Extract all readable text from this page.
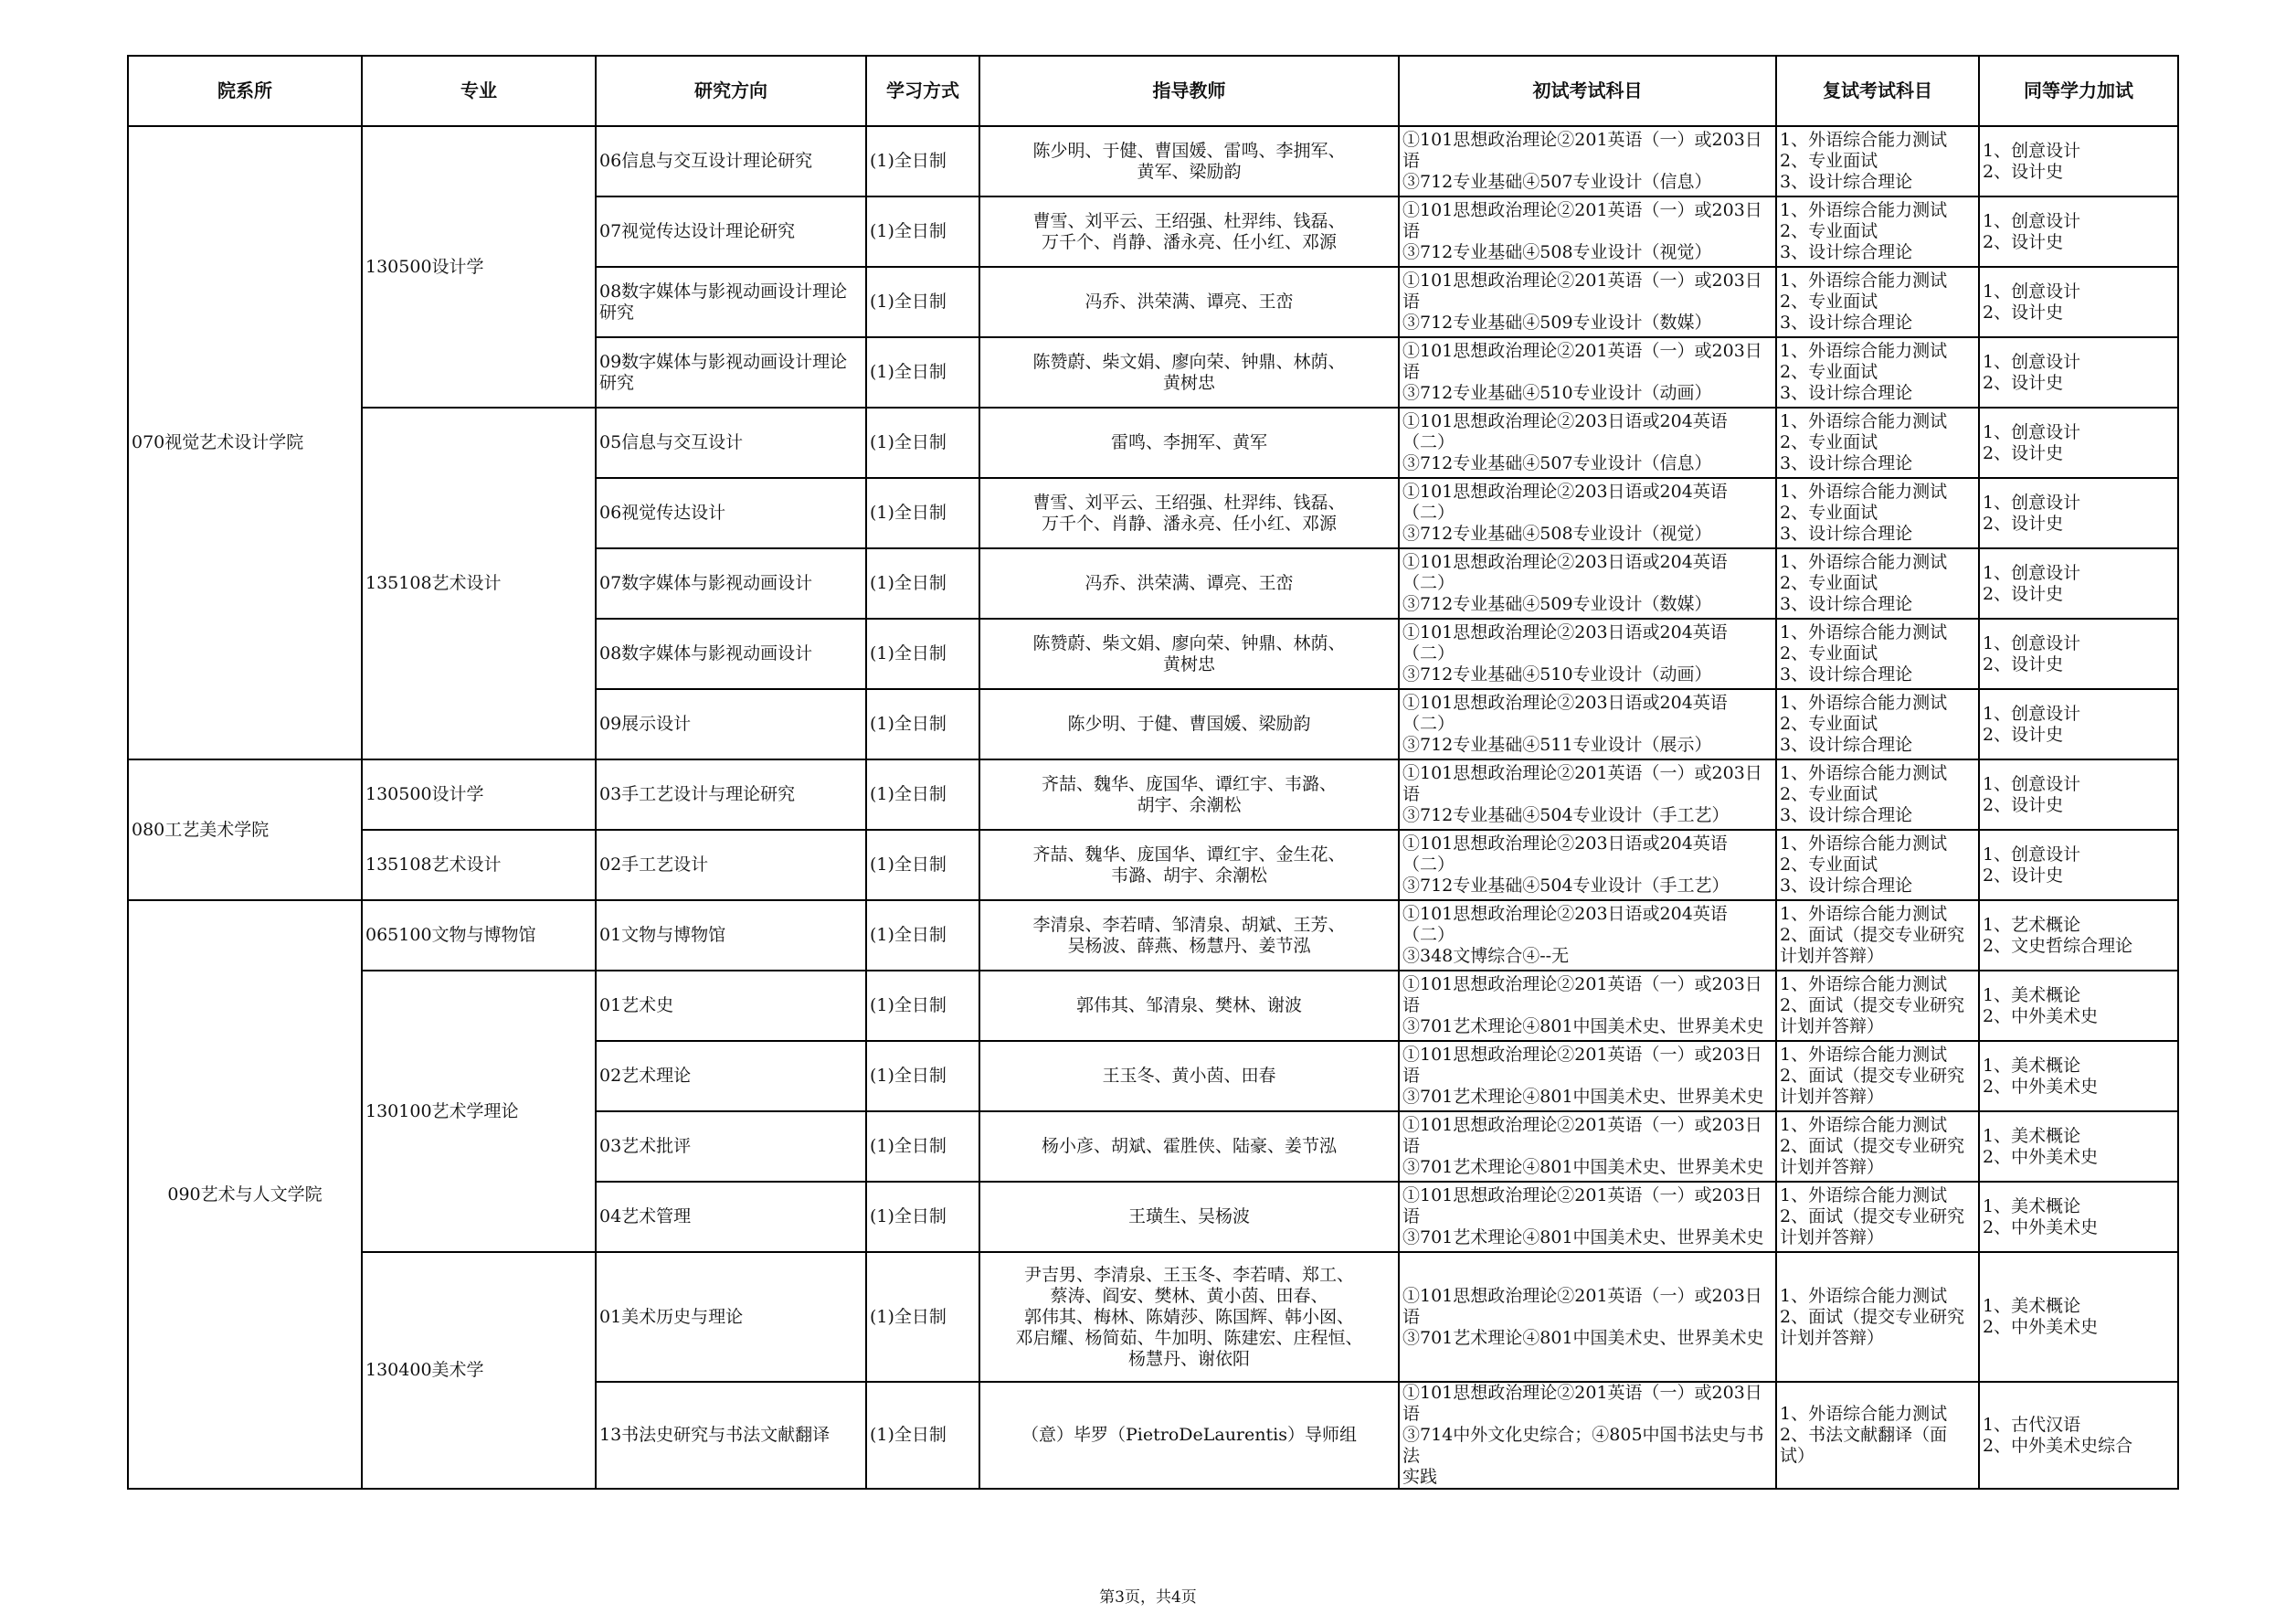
院系所	专业	研究方向	学习方式	指导教师	初试考试科目	复试考试科目	同等学力加试
070视觉艺术设计学院	130500设计学	06信息与交互设计理论研究	(1)全日制	陈少明、于健、曹国媛、雷鸣、李拥军、
黄军、梁励韵	①101思想政治理论②201英语（一）或203日语
③712专业基础④507专业设计（信息）	1、外语综合能力测试
2、专业面试
3、设计综合理论	1、创意设计
2、设计史
		07视觉传达设计理论研究	(1)全日制	曹雪、刘平云、王绍强、杜羿纬、钱磊、
万千个、肖静、潘永亮、任小红、邓源	①101思想政治理论②201英语（一）或203日语
③712专业基础④508专业设计（视觉）	1、外语综合能力测试
2、专业面试
3、设计综合理论	1、创意设计
2、设计史
		08数字媒体与影视动画设计理论研究	(1)全日制	冯乔、洪荣满、谭亮、王峦	①101思想政治理论②201英语（一）或203日语
③712专业基础④509专业设计（数媒）	1、外语综合能力测试
2、专业面试
3、设计综合理论	1、创意设计
2、设计史
		09数字媒体与影视动画设计理论研究	(1)全日制	陈赞蔚、柴文娟、廖向荣、钟鼎、林荫、
黄树忠	①101思想政治理论②201英语（一）或203日语
③712专业基础④510专业设计（动画）	1、外语综合能力测试
2、专业面试
3、设计综合理论	1、创意设计
2、设计史
	135108艺术设计	05信息与交互设计	(1)全日制	雷鸣、李拥军、黄军	①101思想政治理论②203日语或204英语（二）
③712专业基础④507专业设计（信息）	1、外语综合能力测试
2、专业面试
3、设计综合理论	1、创意设计
2、设计史
		06视觉传达设计	(1)全日制	曹雪、刘平云、王绍强、杜羿纬、钱磊、
万千个、肖静、潘永亮、任小红、邓源	①101思想政治理论②203日语或204英语（二）
③712专业基础④508专业设计（视觉）	1、外语综合能力测试
2、专业面试
3、设计综合理论	1、创意设计
2、设计史
		07数字媒体与影视动画设计	(1)全日制	冯乔、洪荣满、谭亮、王峦	①101思想政治理论②203日语或204英语（二）
③712专业基础④509专业设计（数媒）	1、外语综合能力测试
2、专业面试
3、设计综合理论	1、创意设计
2、设计史
		08数字媒体与影视动画设计	(1)全日制	陈赞蔚、柴文娟、廖向荣、钟鼎、林荫、
黄树忠	①101思想政治理论②203日语或204英语（二）
③712专业基础④510专业设计（动画）	1、外语综合能力测试
2、专业面试
3、设计综合理论	1、创意设计
2、设计史
		09展示设计	(1)全日制	陈少明、于健、曹国媛、梁励韵	①101思想政治理论②203日语或204英语（二）
③712专业基础④511专业设计（展示）	1、外语综合能力测试
2、专业面试
3、设计综合理论	1、创意设计
2、设计史
080工艺美术学院	130500设计学	03手工艺设计与理论研究	(1)全日制	齐喆、魏华、庞国华、谭红宇、韦潞、
胡宇、余潮松	①101思想政治理论②201英语（一）或203日语
③712专业基础④504专业设计（手工艺）	1、外语综合能力测试
2、专业面试
3、设计综合理论	1、创意设计
2、设计史
	135108艺术设计	02手工艺设计	(1)全日制	齐喆、魏华、庞国华、谭红宇、金生花、
韦潞、胡宇、余潮松	①101思想政治理论②203日语或204英语（二）
③712专业基础④504专业设计（手工艺）	1、外语综合能力测试
2、专业面试
3、设计综合理论	1、创意设计
2、设计史
090艺术与人文学院	065100文物与博物馆	01文物与博物馆	(1)全日制	李清泉、李若晴、邹清泉、胡斌、王芳、
吴杨波、薛燕、杨慧丹、姜节泓	①101思想政治理论②203日语或204英语（二）
③348文博综合④--无	1、外语综合能力测试
2、面试（提交专业研究
计划并答辩）	1、艺术概论
2、文史哲综合理论
	130100艺术学理论	01艺术史	(1)全日制	郭伟其、邹清泉、樊林、谢波	①101思想政治理论②201英语（一）或203日语
③701艺术理论④801中国美术史、世界美术史	1、外语综合能力测试
2、面试（提交专业研究
计划并答辩）	1、美术概论
2、中外美术史
		02艺术理论	(1)全日制	王玉冬、黄小茵、田春	①101思想政治理论②201英语（一）或203日语
③701艺术理论④801中国美术史、世界美术史	1、外语综合能力测试
2、面试（提交专业研究
计划并答辩）	1、美术概论
2、中外美术史
		03艺术批评	(1)全日制	杨小彦、胡斌、霍胜侠、陆豪、姜节泓	①101思想政治理论②201英语（一）或203日语
③701艺术理论④801中国美术史、世界美术史	1、外语综合能力测试
2、面试（提交专业研究
计划并答辩）	1、美术概论
2、中外美术史
		04艺术管理	(1)全日制	王璜生、吴杨波	①101思想政治理论②201英语（一）或203日语
③701艺术理论④801中国美术史、世界美术史	1、外语综合能力测试
2、面试（提交专业研究
计划并答辩）	1、美术概论
2、中外美术史
	130400美术学	01美术历史与理论	(1)全日制	尹吉男、李清泉、王玉冬、李若晴、郑工、
蔡涛、阎安、樊林、黄小茵、田春、
郭伟其、梅林、陈婧莎、陈国辉、韩小囡、
邓启耀、杨简茹、牛加明、陈建宏、庄程恒、
杨慧丹、谢依阳	①101思想政治理论②201英语（一）或203日语
③701艺术理论④801中国美术史、世界美术史	1、外语综合能力测试
2、面试（提交专业研究
计划并答辩）	1、美术概论
2、中外美术史
		13书法史研究与书法文献翻译	(1)全日制	（意）毕罗（PietroDeLaurentis）导师组	①101思想政治理论②201英语（一）或203日语
③714中外文化史综合；④805中国书法史与书法
实践	1、外语综合能力测试
2、书法文献翻译（面
试）	1、古代汉语
2、中外美术史综合
第3页，共4页
